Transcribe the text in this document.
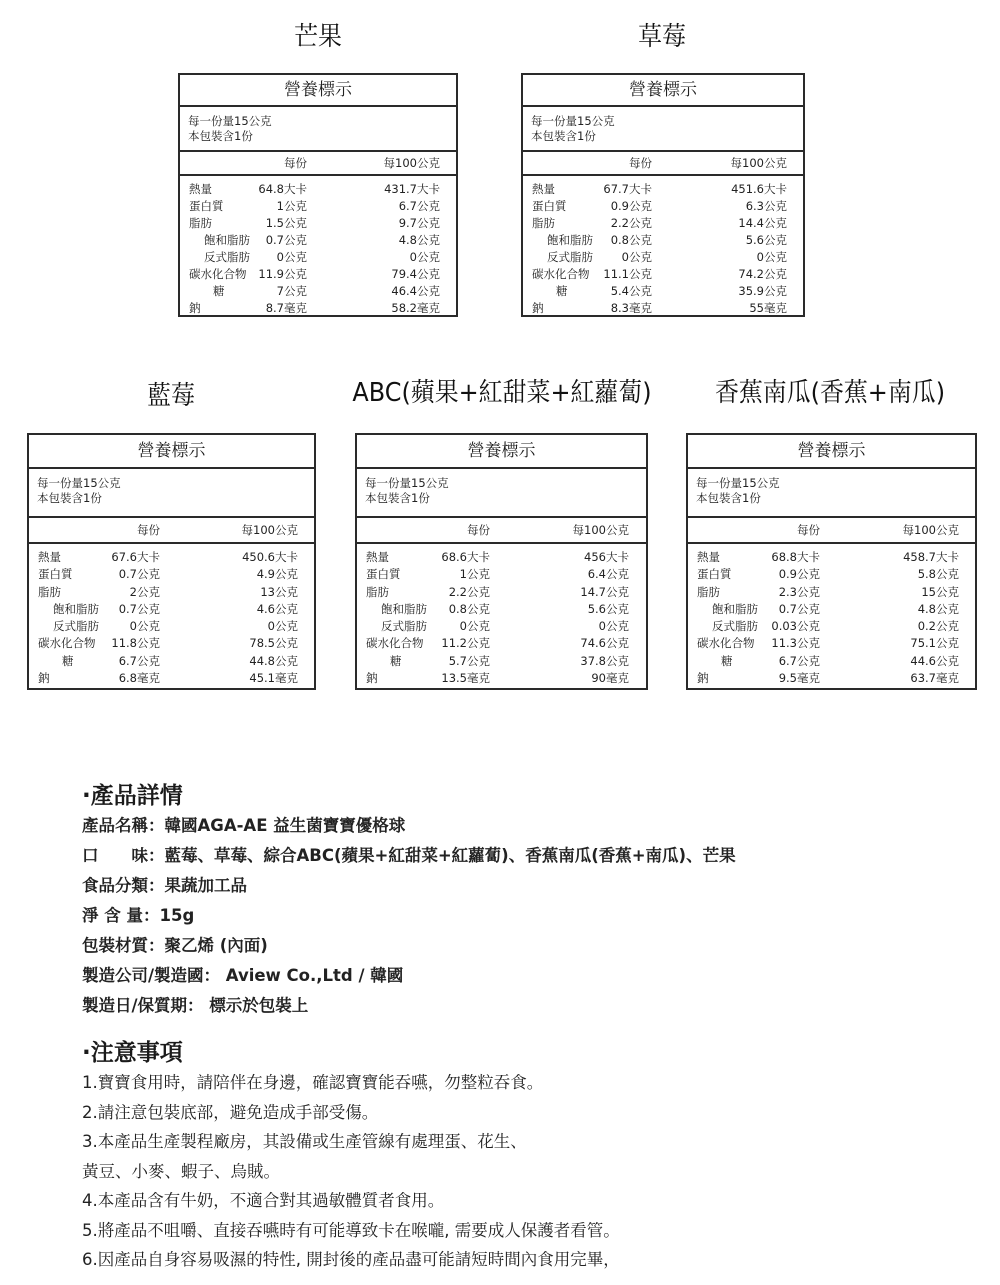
芒果	草莓
藍莓	ABC(蘋果+紅甜菜+紅蘿蔔)	香蕉南瓜(香蕉+南瓜)
營養標示
每一份量15公克
本包裝含1份
每份	每100公克
熱量	64.8大卡	431.7大卡
蛋白質	1公克	6.7公克
脂肪	1.5公克	9.7公克
飽和脂肪 0.7公克	4.8公克
反式脂肪 0公克	0公克
碳水化合物 11.9公克	79.4公克
糖	7公克	46.4公克
鈉	8.7毫克	58.2毫克
營養標示
每一份量15公克
本包裝含1份
每份	每100公克
熱量	67.7大卡	451.6大卡
蛋白質	0.9公克	6.3公克
脂肪	2.2公克	14.4公克
飽和脂肪 0.8公克	5.6公克
反式脂肪 0公克	0公克
碳水化合物 11.1公克	74.2公克
糖	5.4公克	35.9公克
鈉	8.3毫克	55毫克
營養標示
每一份量15公克
本包裝含1份
每份	每100公克
熱量	67.6大卡	450.6大卡
蛋白質	0.7公克	4.9公克
脂肪	2公克	13公克
飽和脂肪 0.7公克	4.6公克
反式脂肪	0公克	0公克
碳水化合物 11.8公克	78.5公克
糖	6.7公克	44.8公克
鈉	6.8毫克	45.1毫克
營養標示
每一份量15公克
本包裝含1份
每份	每100公克
熱量	68.6大卡	456大卡
蛋白質	1公克	6.4公克
脂肪	2.2公克	14.7公克
飽和脂肪 0.8公克	5.6公克
反式脂肪	0公克	0公克
碳水化合物 11.2公克	74.6公克
糖	5.7公克	37.8公克
鈉	13.5毫克	90毫克
營養標示
每一份量15公克
本包裝含1份
每份	每100公克
熱量	68.8大卡	458.7大卡
蛋白質	0.9公克	5.8公克
脂肪	2.3公克	15公克
飽和脂肪 0.7公克	4.8公克
反式脂肪 0.03公克	0.2公克
碳水化合物 11.3公克	75.1公克
糖	6.7公克	44.6公克
鈉	9.5毫克	63.7毫克
·產品詳情
產品名稱：韓國AGA-AE 益生菌寶寶優格球
口　　味：藍莓、草莓、綜合ABC(蘋果+紅甜菜+紅蘿蔔)、香蕉南瓜(香蕉+南瓜)、芒果
食品分類：果蔬加工品
淨 含 量：15g
包裝材質：聚乙烯 (內面)
製造公司/製造國： Aview Co.,Ltd / 韓國
製造日/保質期： 標示於包裝上
·注意事項
1.寶寶食用時，請陪伴在身邊，確認寶寶能吞嚥，勿整粒吞食。
2.請注意包裝底部，避免造成手部受傷。
3.本產品生產製程廠房，其設備或生產管線有處理蛋、花生、
黃豆、小麥、蝦子、烏賊。
4.本產品含有牛奶，不適合對其過敏體質者食用。
5.將產品不咀嚼、直接吞嚥時有可能導致卡在喉嚨, 需要成人保護者看管。
6.因產品自身容易吸濕的特性, 開封後的產品盡可能請短時間內食用完畢，
